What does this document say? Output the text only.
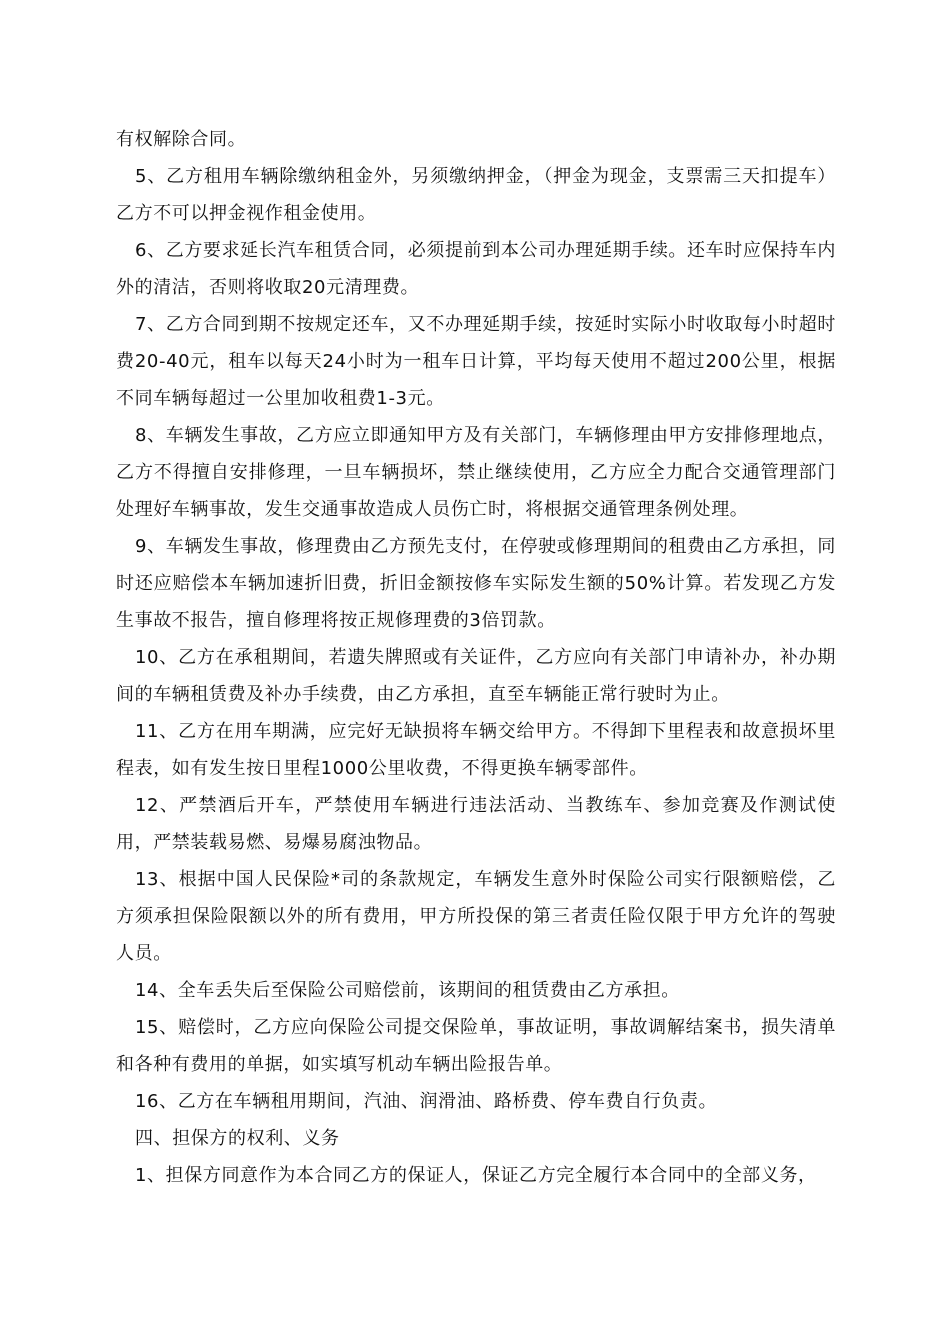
有权解除合同。

5、乙方租用车辆除缴纳租金外，另须缴纳押金，（押金为现金，支票需三天扣提车）乙方不可以押金视作租金使用。

6、乙方要求延长汽车租赁合同，必须提前到本公司办理延期手续。还车时应保持车内外的清洁，否则将收取20元清理费。

7、乙方合同到期不按规定还车，又不办理延期手续，按延时实际小时收取每小时超时费20-40元，租车以每天24小时为一租车日计算，平均每天使用不超过200公里，根据不同车辆每超过一公里加收租费1-3元。

8、车辆发生事故，乙方应立即通知甲方及有关部门，车辆修理由甲方安排修理地点，乙方不得擅自安排修理，一旦车辆损坏，禁止继续使用，乙方应全力配合交通管理部门处理好车辆事故，发生交通事故造成人员伤亡时，将根据交通管理条例处理。

9、车辆发生事故，修理费由乙方预先支付，在停驶或修理期间的租费由乙方承担，同时还应赔偿本车辆加速折旧费，折旧金额按修车实际发生额的50%计算。若发现乙方发生事故不报告，擅自修理将按正规修理费的3倍罚款。

10、乙方在承租期间，若遗失牌照或有关证件，乙方应向有关部门申请补办，补办期间的车辆租赁费及补办手续费，由乙方承担，直至车辆能正常行驶时为止。

11、乙方在用车期满，应完好无缺损将车辆交给甲方。不得卸下里程表和故意损坏里程表，如有发生按日里程1000公里收费，不得更换车辆零部件。

12、严禁酒后开车，严禁使用车辆进行违法活动、当教练车、参加竞赛及作测试使用，严禁装载易燃、易爆易腐浊物品。

13、根据中国人民保险*司的条款规定，车辆发生意外时保险公司实行限额赔偿，乙方须承担保险限额以外的所有费用，甲方所投保的第三者责任险仅限于甲方允许的驾驶人员。

14、全车丢失后至保险公司赔偿前，该期间的租赁费由乙方承担。

15、赔偿时，乙方应向保险公司提交保险单，事故证明，事故调解结案书，损失清单和各种有费用的单据，如实填写机动车辆出险报告单。

16、乙方在车辆租用期间，汽油、润滑油、路桥费、停车费自行负责。

四、担保方的权利、义务

1、担保方同意作为本合同乙方的保证人，保证乙方完全履行本合同中的全部义务，
